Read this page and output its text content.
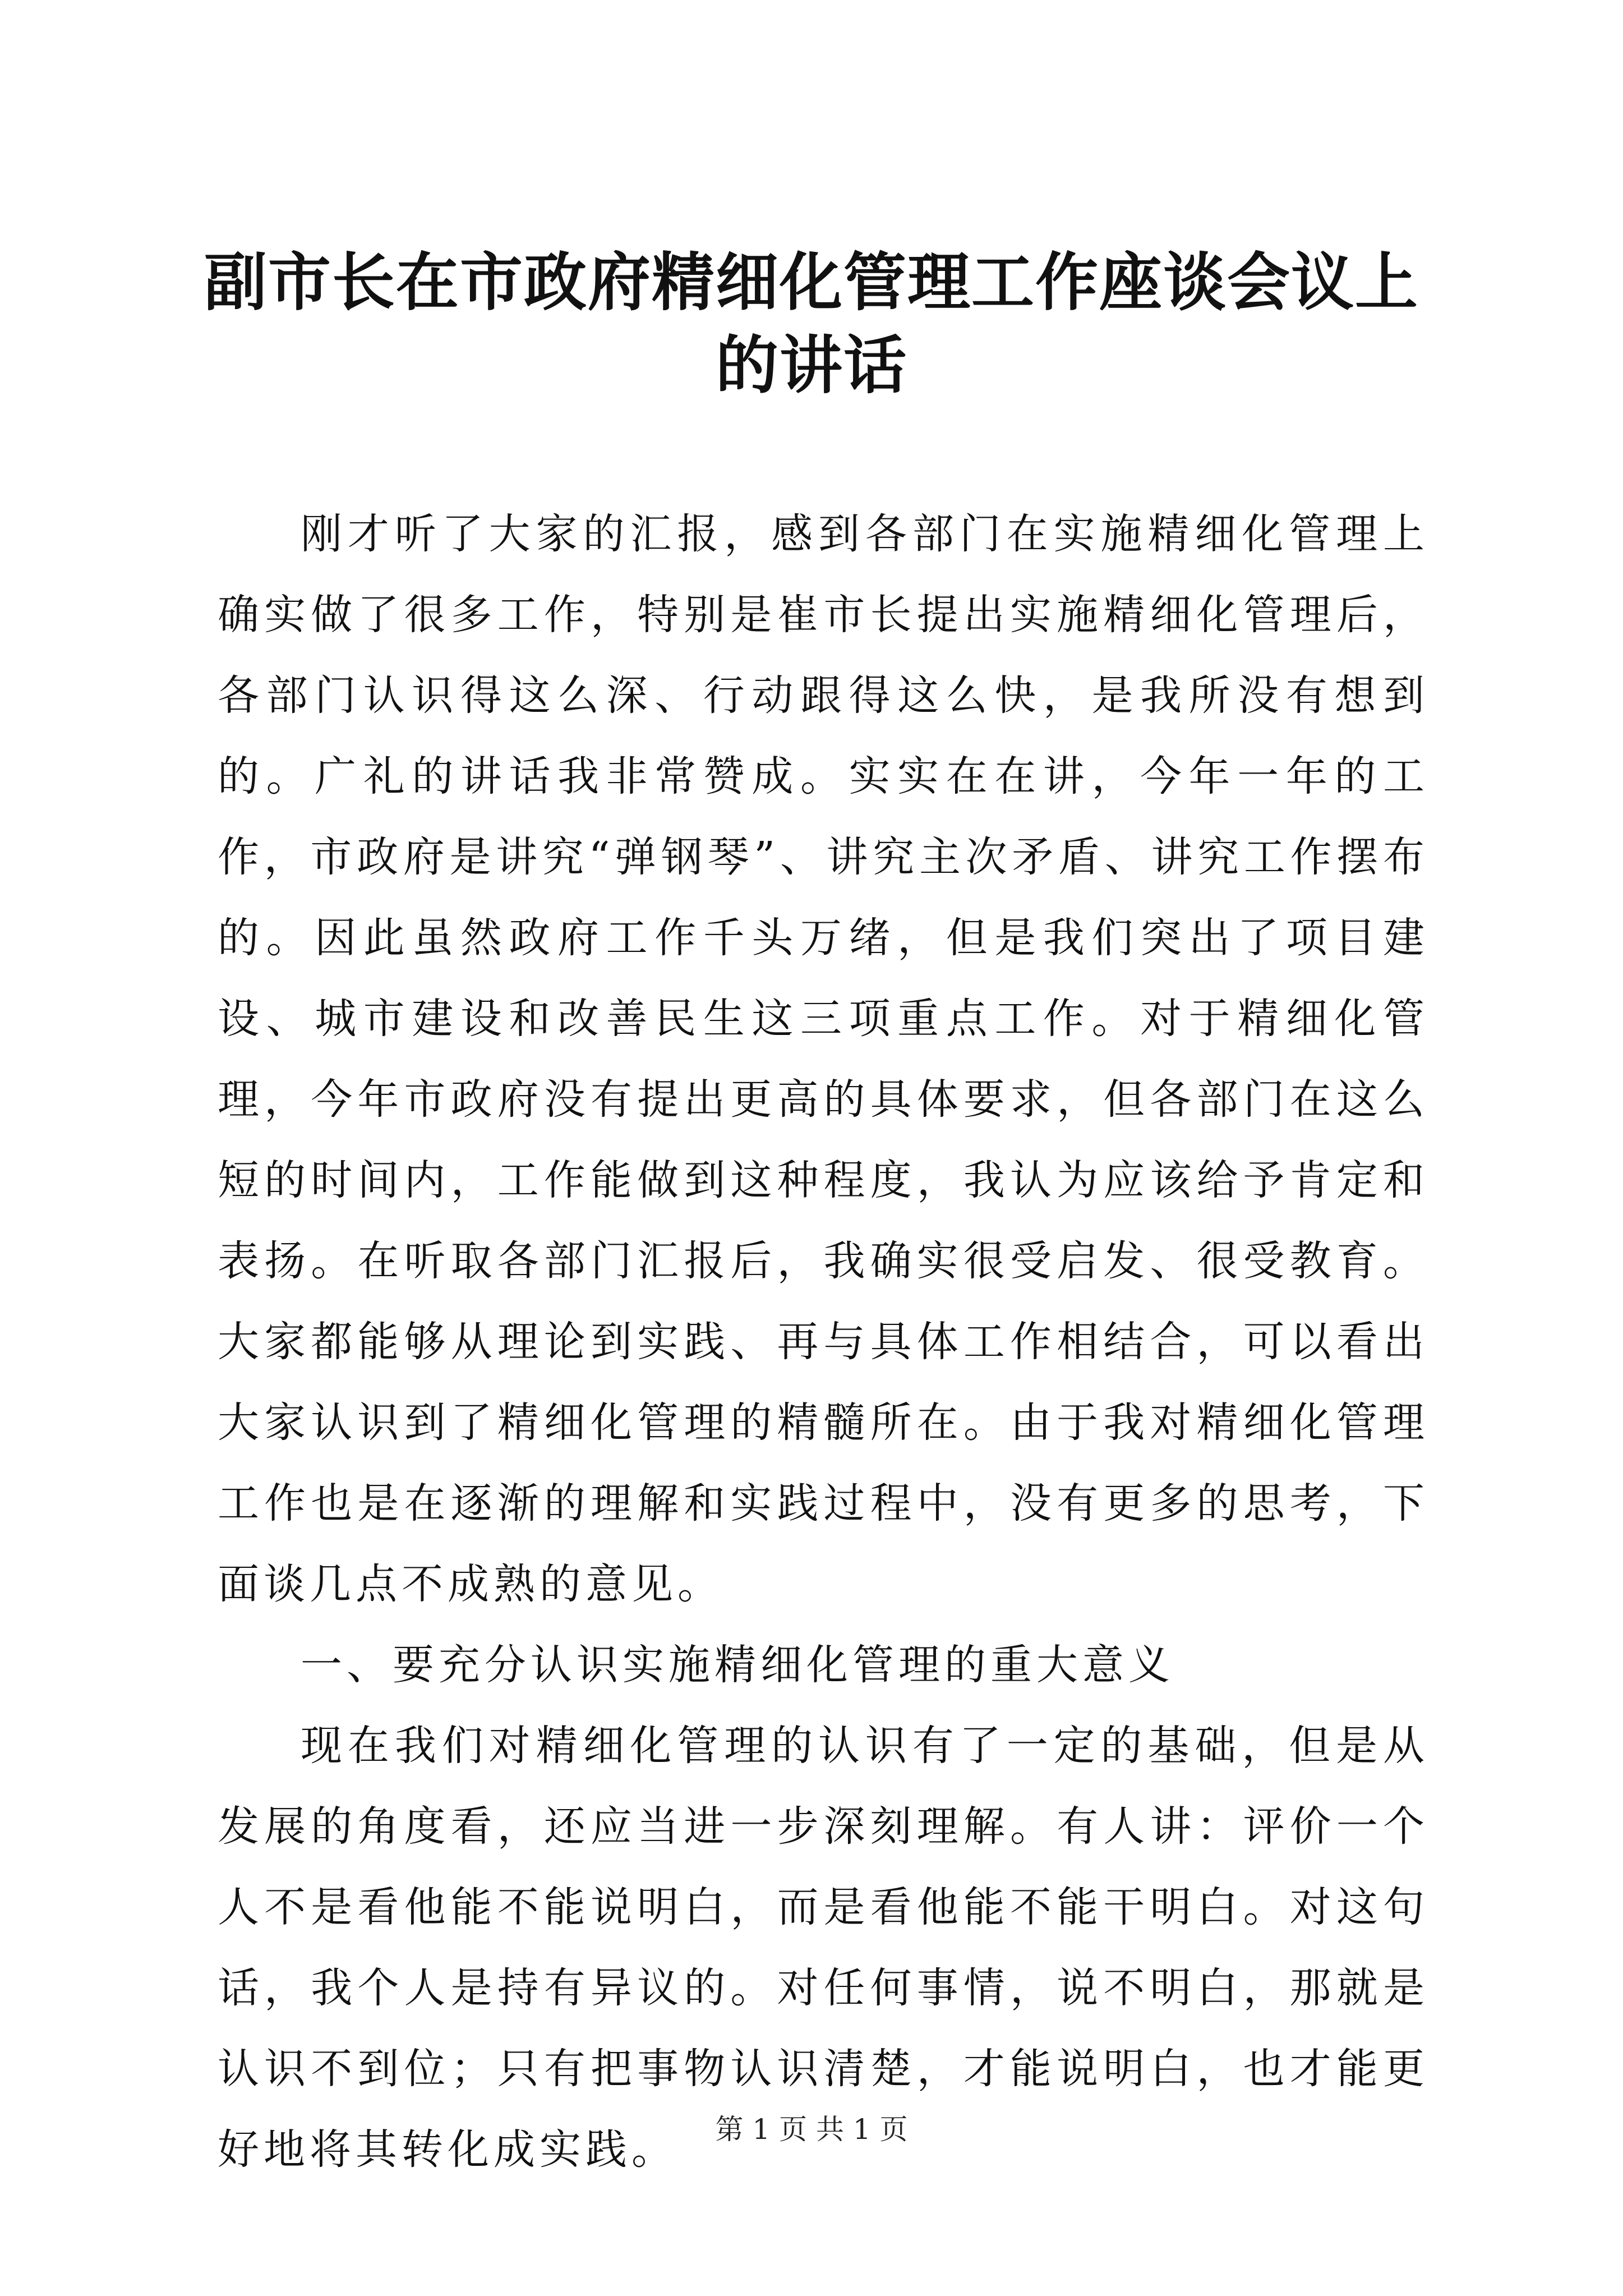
副市长在市政府精细化管理工作座谈会议上的讲话

刚才听了大家的汇报，感到各部门在实施精细化管理上确实做了很多工作，特别是崔市长提出实施精细化管理后，各部门认识得这么深、行动跟得这么快，是我所没有想到的。广礼的讲话我非常赞成。实实在在讲，今年一年的工作，市政府是讲究“弹钢琴”、讲究主次矛盾、讲究工作摆布的。因此虽然政府工作千头万绪，但是我们突出了项目建设、城市建设和改善民生这三项重点工作。对于精细化管理，今年市政府没有提出更高的具体要求，但各部门在这么短的时间内，工作能做到这种程度，我认为应该给予肯定和表扬。在听取各部门汇报后，我确实很受启发、很受教育。大家都能够从理论到实践、再与具体工作相结合，可以看出大家认识到了精细化管理的精髓所在。由于我对精细化管理工作也是在逐渐的理解和实践过程中，没有更多的思考，下面谈几点不成熟的意见。

一、要充分认识实施精细化管理的重大意义

现在我们对精细化管理的认识有了一定的基础，但是从发展的角度看，还应当进一步深刻理解。有人讲：评价一个人不是看他能不能说明白，而是看他能不能干明白。对这句话，我个人是持有异议的。对任何事情，说不明白，那就是认识不到位；只有把事物认识清楚，才能说明白，也才能更好地将其转化成实践。	第 1 页 共 1 页
